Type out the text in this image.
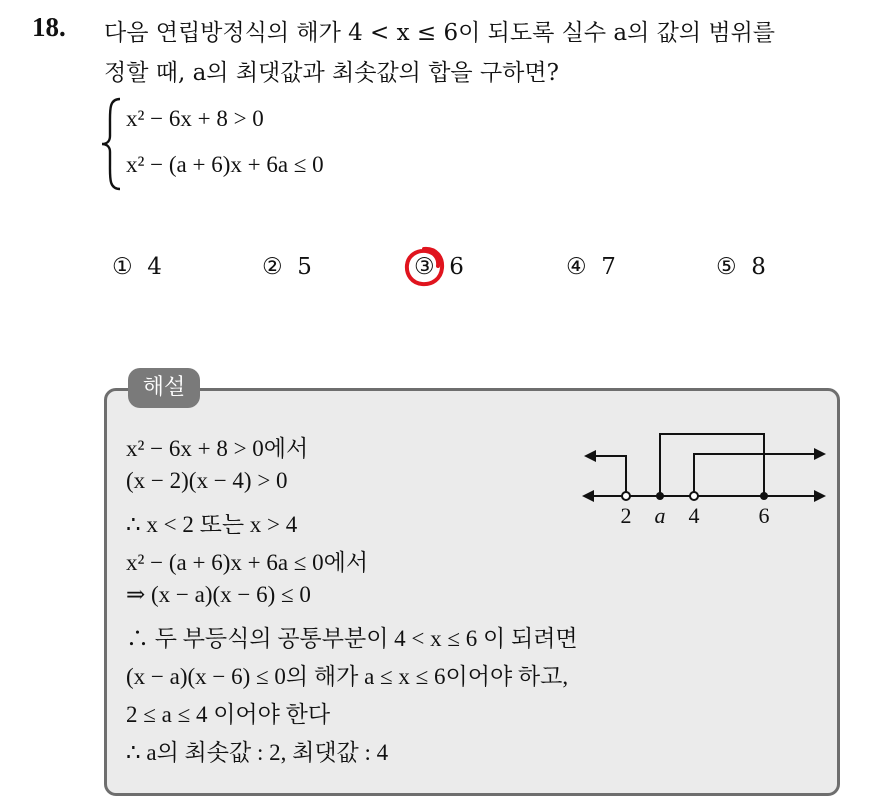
18. 다음 연립방정식의 해가 4 < x ≤ 6이 되도록 실수 a의 값의 범위를
정할 때, a의 최댓값과 최솟값의 합을 구하면?
x² − 6x + 8 > 0
x² − (a + 6)x + 6a ≤ 0
① 4	② 5	③ 6	④ 7	⑤ 8
해설
x² − 6x + 8 > 0에서
(x − 2)(x − 4) > 0
∴ x < 2 또는 x > 4
x² − (a + 6)x + 6a ≤ 0에서
⇒ (x − a)(x − 6) ≤ 0
∴ 두 부등식의 공통부분이 4 < x ≤ 6 이 되려면
(x − a)(x − 6) ≤ 0의 해가 a ≤ x ≤ 6이어야 하고,
2 ≤ a ≤ 4 이어야 한다
∴ a의 최솟값 : 2, 최댓값 : 4
2 a 4	6
